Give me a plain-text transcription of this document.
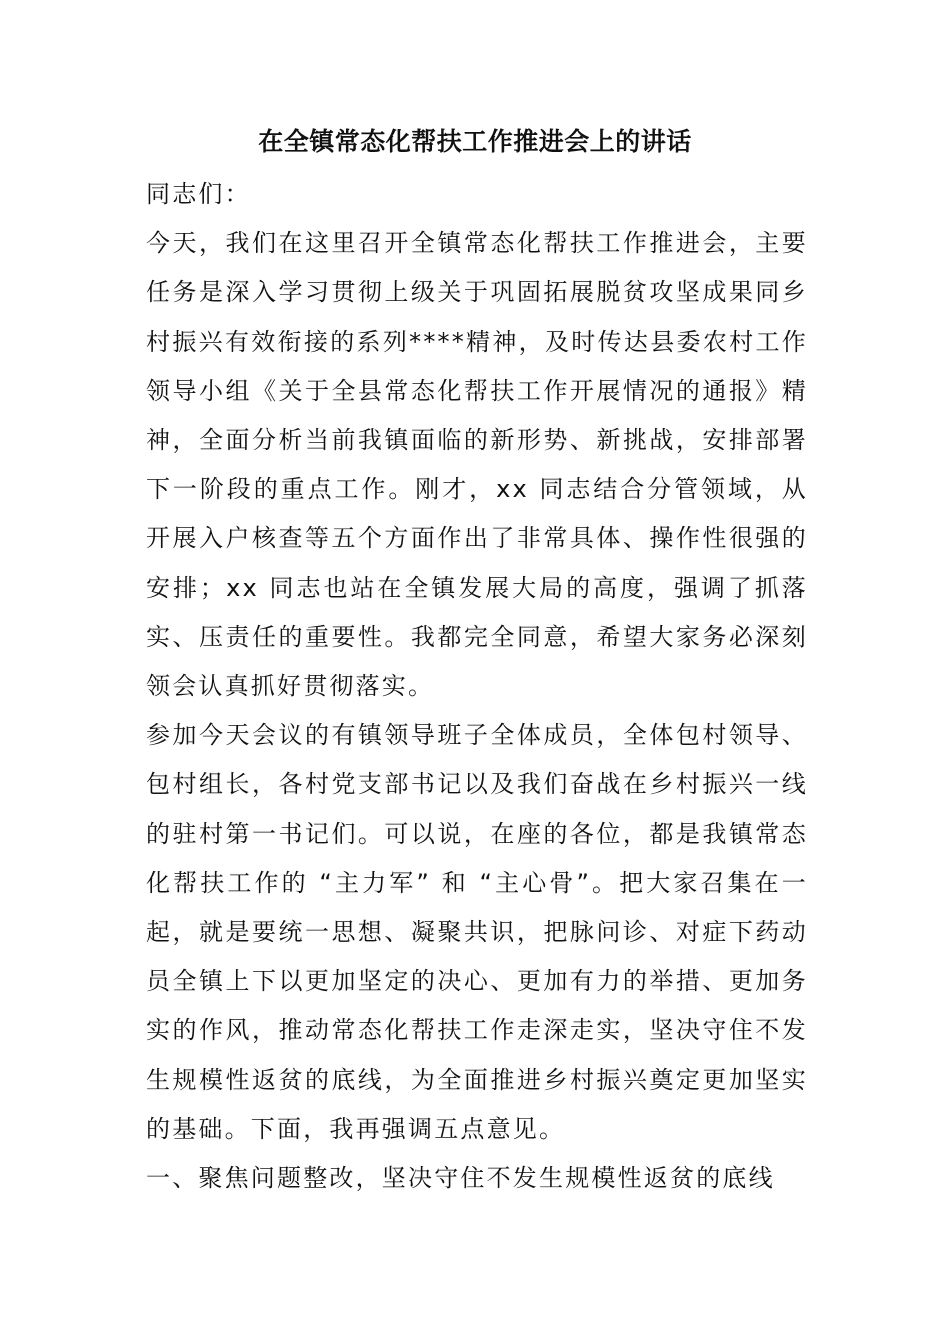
在全镇常态化帮扶工作推进会上的讲话

同志们：

今天，我们在这里召开全镇常态化帮扶工作推进会，主要任务是深入学习贯彻上级关于巩固拓展脱贫攻坚成果同乡村振兴有效衔接的系列****精神，及时传达县委农村工作领导小组《关于全县常态化帮扶工作开展情况的通报》精神，全面分析当前我镇面临的新形势、新挑战，安排部署下一阶段的重点工作。刚才，xx 同志结合分管领域，从开展入户核查等五个方面作出了非常具体、操作性很强的安排；xx 同志也站在全镇发展大局的高度，强调了抓落实、压责任的重要性。我都完全同意，希望大家务必深刻领会认真抓好贯彻落实。

参加今天会议的有镇领导班子全体成员，全体包村领导、包村组长，各村党支部书记以及我们奋战在乡村振兴一线的驻村第一书记们。可以说，在座的各位，都是我镇常态化帮扶工作的 “主力军” 和 “主心骨”。把大家召集在一起，就是要统一思想、凝聚共识，把脉问诊、对症下药动员全镇上下以更加坚定的决心、更加有力的举措、更加务实的作风，推动常态化帮扶工作走深走实，坚决守住不发生规模性返贫的底线，为全面推进乡村振兴奠定更加坚实的基础。下面，我再强调五点意见。

一、聚焦问题整改，坚决守住不发生规模性返贫的底线
